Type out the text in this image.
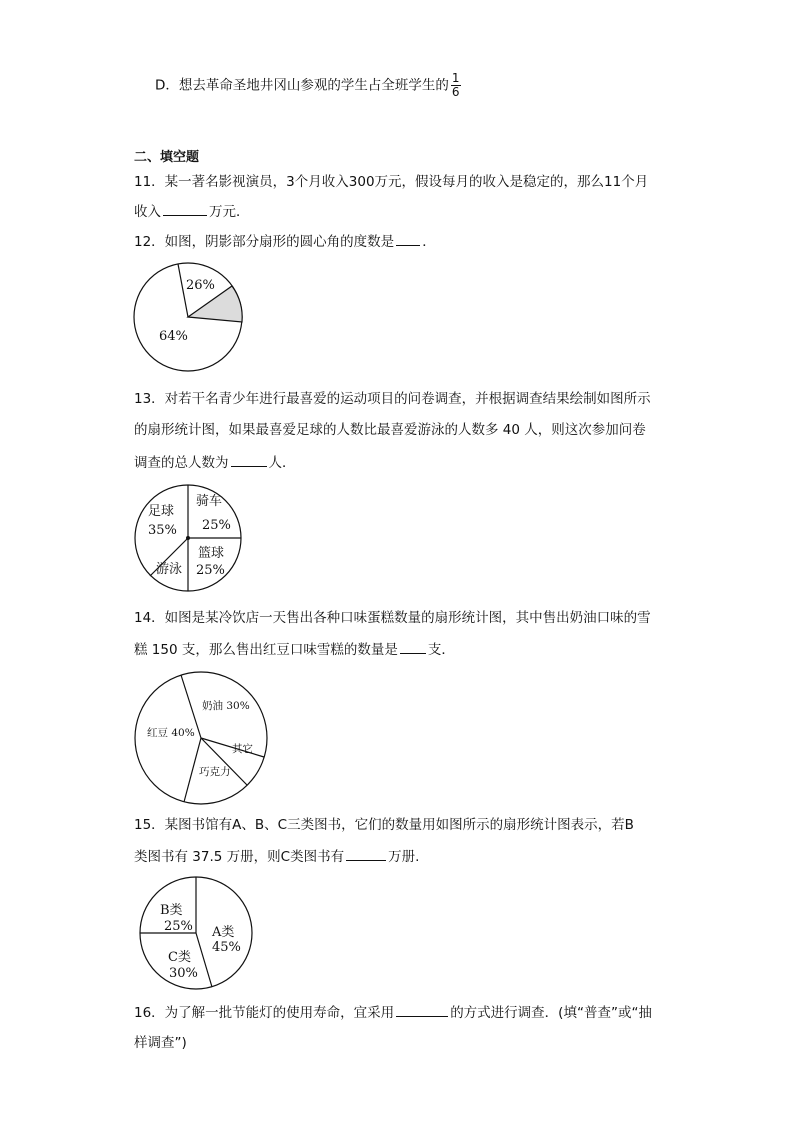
D．想去革命圣地井冈山参观的学生占全班学生的 $\frac{1}{6}$
二、填空题
11．某一著名影视演员，3个月收入300万元，假设每月的收入是稳定的，那么11个月
收入	万元．
12．如图，阴影部分扇形的圆心角的度数是 ．
26%
64%
13．对若干名青少年进行最喜爱的运动项目的问卷调查，并根据调查结果绘制如图所示
的扇形统计图，如果最喜爱足球的人数比最喜爱游泳的人数多 40 人，则这次参加问卷
调查的总人数为	人．
足球
35%
骑车
25%
篮球
25%
游泳
14．如图是某冷饮店一天售出各种口味蛋糕数量的扇形统计图，其中售出奶油口味的雪
糕 150 支，那么售出红豆口味雪糕的数量是 支．
奶油 30%
红豆 40%
其它
巧克力
15．某图书馆有A、B、C三类图书，它们的数量用如图所示的扇形统计图表示，若B
类图书有 37.5 万册，则C类图书有	万册.
B类
25% A类
45%
C类
30%
16．为了解一批节能灯的使用寿命，宜采用	的方式进行调查．(填“普查”或“抽
样调查”)
